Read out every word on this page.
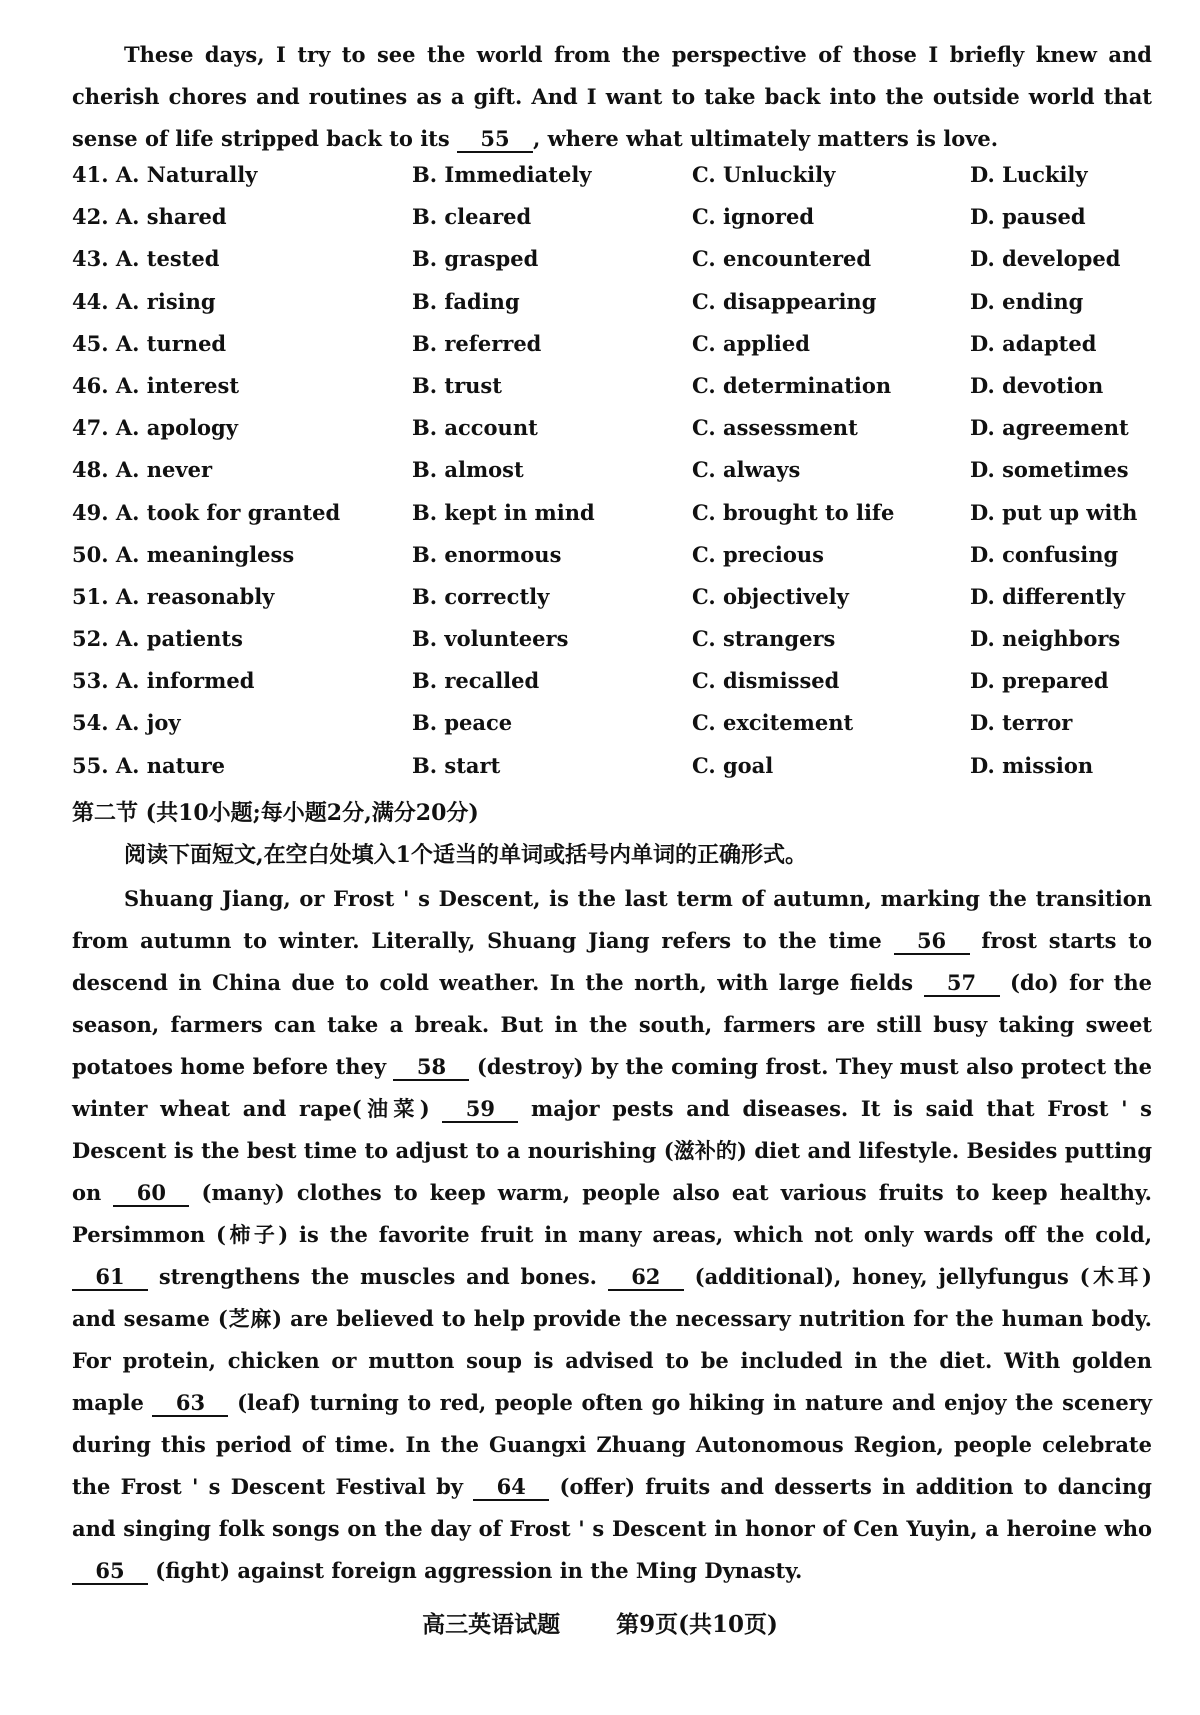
These days, I try to see the world from the perspective of those I briefly knew and cherish chores and routines as a gift. And I want to take back into the outside world that sense of life stripped back to its 55 , where what ultimately matters is love.

41. A. Naturally	B. Immediately	C. Unluckily	D. Luckily
42. A. shared	B. cleared	C. ignored	D. paused
43. A. tested	B. grasped	C. encountered	D. developed
44. A. rising	B. fading	C. disappearing	D. ending
45. A. turned	B. referred	C. applied	D. adapted
46. A. interest	B. trust	C. determination	D. devotion
47. A. apology	B. account	C. assessment	D. agreement
48. A. never	B. almost	C. always	D. sometimes
49. A. took for granted	B. kept in mind	C. brought to life	D. put up with
50. A. meaningless	B. enormous	C. precious	D. confusing
51. A. reasonably	B. correctly	C. objectively	D. differently
52. A. patients	B. volunteers	C. strangers	D. neighbors
53. A. informed	B. recalled	C. dismissed	D. prepared
54. A. joy	B. peace	C. excitement	D. terror
55. A. nature	B. start	C. goal	D. mission
第二节 (共10小题;每小题2分,满分20分)
阅读下面短文,在空白处填入1个适当的单词或括号内单词的正确形式。

Shuang Jiang, or Frost ' s Descent, is the last term of autumn, marking the transition from autumn to winter. Literally, Shuang Jiang refers to the time 56 frost starts to descend in China due to cold weather. In the north, with large fields 57 (do) for the season, farmers can take a break. But in the south, farmers are still busy taking sweet potatoes home before they 58 (destroy) by the coming frost. They must also protect the winter wheat and rape(油菜) 59 major pests and diseases. It is said that Frost ' s Descent is the best time to adjust to a nourishing (滋补的) diet and lifestyle. Besides putting on 60 (many) clothes to keep warm, people also eat various fruits to keep healthy. Persimmon (柿子) is the favorite fruit in many areas, which not only wards off the cold, 61 strengthens the muscles and bones. 62 (additional), honey, jellyfungus (木耳) and sesame (芝麻) are believed to help provide the necessary nutrition for the human body. For protein, chicken or mutton soup is advised to be included in the diet. With golden maple 63 (leaf) turning to red, people often go hiking in nature and enjoy the scenery during this period of time. In the Guangxi Zhuang Autonomous Region, people celebrate the Frost ' s Descent Festival by 64 (offer) fruits and desserts in addition to dancing and singing folk songs on the day of Frost ' s Descent in honor of Cen Yuyin, a heroine who 65 (fight) against foreign aggression in the Ming Dynasty.

高三英语试题 第9页(共10页)
